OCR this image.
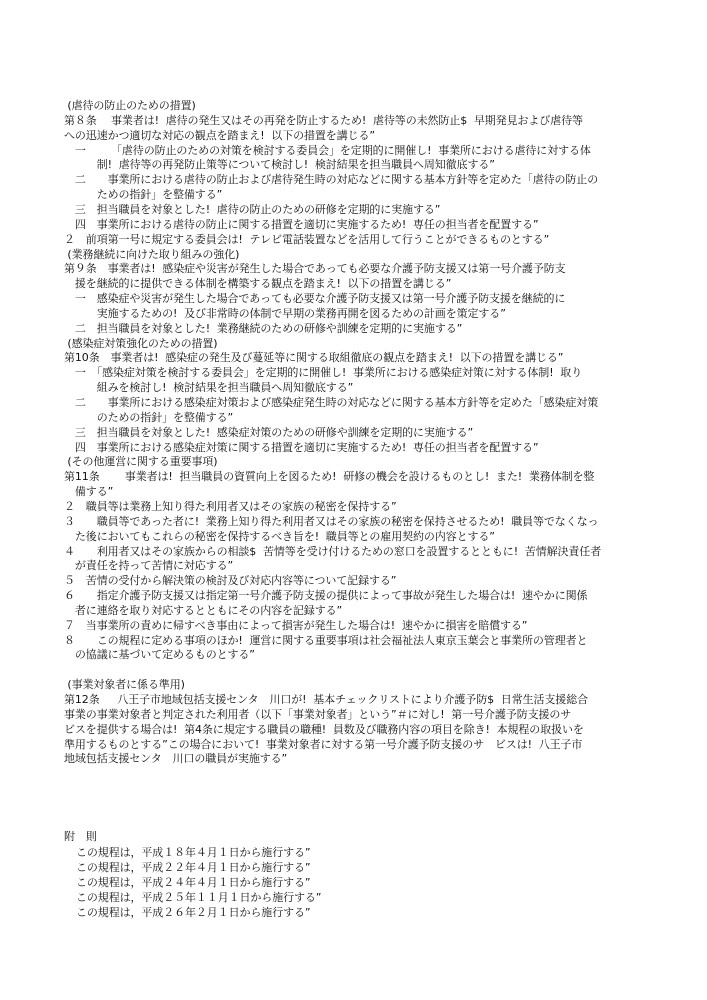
(虐待の防止のための措置)
第８条　 事業者は!  虐待の発生又はその再発を防止するため!  虐待等の未然防止$  早期発見および虐待等
への迅速かつ適切な対応の観点を踏まえ!  以下の措置を講じる”
　一　　 「虐待の防止のための対策を検討する委員会」を定期的に開催し!  事業所における虐待に対する体
　　　制!  虐待等の再発防止策等について検討し!  検討結果を担当職員へ周知徹底する”
　二　　事業所における虐待の防止および虐待発生時の対応などに関する基本方針等を定めた「虐待の防止の
　　　ための指針」を整備する”
　三　担当職員を対象とした!  虐待の防止のための研修を定期的に実施する”
　四　事業所における虐待の防止に関する措置を適切に実施するため!  専任の担当者を配置する”
２　前項第一号に規定する委員会は!  テレビ電話装置などを活用して行うことができるものとする”
(業務継続に向けた取り組みの強化)
第９条　事業者は!  感染症や災害が発生した場合であっても必要な介護予防支援又は第一号介護予防支
　援を継続的に提供できる体制を構築する観点を踏まえ!  以下の措置を講じる”
　一　感染症や災害が発生した場合であっても必要な介護予防支援又は第一号介護予防支援を継続的に
　　　実施するための!  及び非常時の体制で早期の業務再開を図るための計画を策定する”
　二　担当職員を対象とした!  業務継続のための研修や訓練を定期的に実施する”
(感染症対策強化のための措置)
第10条　事業者は!  感染症の発生及び蔓延等に関する取組徹底の観点を踏まえ!  以下の措置を講じる”
　一　「感染症対策を検討する委員会」を定期的に開催し!  事業所における感染症対策に対する体制!  取り
　　　組みを検討し!  検討結果を担当職員へ周知徹底する”
　二　　事業所における感染症対策および感染症発生時の対応などに関する基本方針等を定めた「感染症対策
　　　のための指針」を整備する”
　三　担当職員を対象とした!  感染症対策のための研修や訓練を定期的に実施する”
　四　事業所における感染症対策に関する措置を適切に実施するため!  専任の担当者を配置する”
(その他運営に関する重要事項)
第11条　　 事業者は!  担当職員の資質向上を図るため!  研修の機会を設けるものとし!  また!  業務体制を整
　備する”
２　職員等は業務上知り得た利用者又はその家族の秘密を保持する”
３　　職員等であった者に!  業務上知り得た利用者又はその家族の秘密を保持させるため!  職員等でなくなっ
　た後においてもこれらの秘密を保持するべき旨を!  職員等との雇用契約の内容とする”
４　　利用者又はその家族からの相談$  苦情等を受け付けるための窓口を設置するとともに!  苦情解決責任者
　が責任を持って苦情に対応する”
５　苦情の受付から解決策の検討及び対応内容等について記録する”
６　　指定介護予防支援又は指定第一号介護予防支援の提供によって事故が発生した場合は!  速やかに関係
　者に連絡を取り対応するとともにその内容を記録する”
７　当事業所の責めに帰すべき事由によって損害が発生した場合は!  速やかに損害を賠償する”
８　　この規程に定める事項のほか!  運営に関する重要事項は社会福祉法人東京玉葉会と事業所の管理者と
　の協議に基づいて定めるものとする”
(事業対象者に係る準用)
第12条　  八王子市地域包括支援センタ　川口が!  基本チェックリストにより介護予防$  日常生活支援総合
事業の事業対象者と判定された利用者（以下「事業対象者」という”＃に対し!  第一号介護予防支援のサ
ビスを提供する場合は!  第4条に規定する職員の職種!  員数及び職務内容の項目を除き!  本規程の取扱いを
準用するものとする”この場合において!  事業対象者に対する第一号介護予防支援のサ　ビスは!  八王子市
地域包括支援センタ　川口の職員が実施する”
附　則
この規程は，平成１８年４月１日から施行する”
この規程は，平成２２年４月１日から施行する”
この規程は，平成２４年４月１日から施行する”
この規程は，平成２５年１１月１日から施行する”
この規程は，平成２６年２月１日から施行する”
